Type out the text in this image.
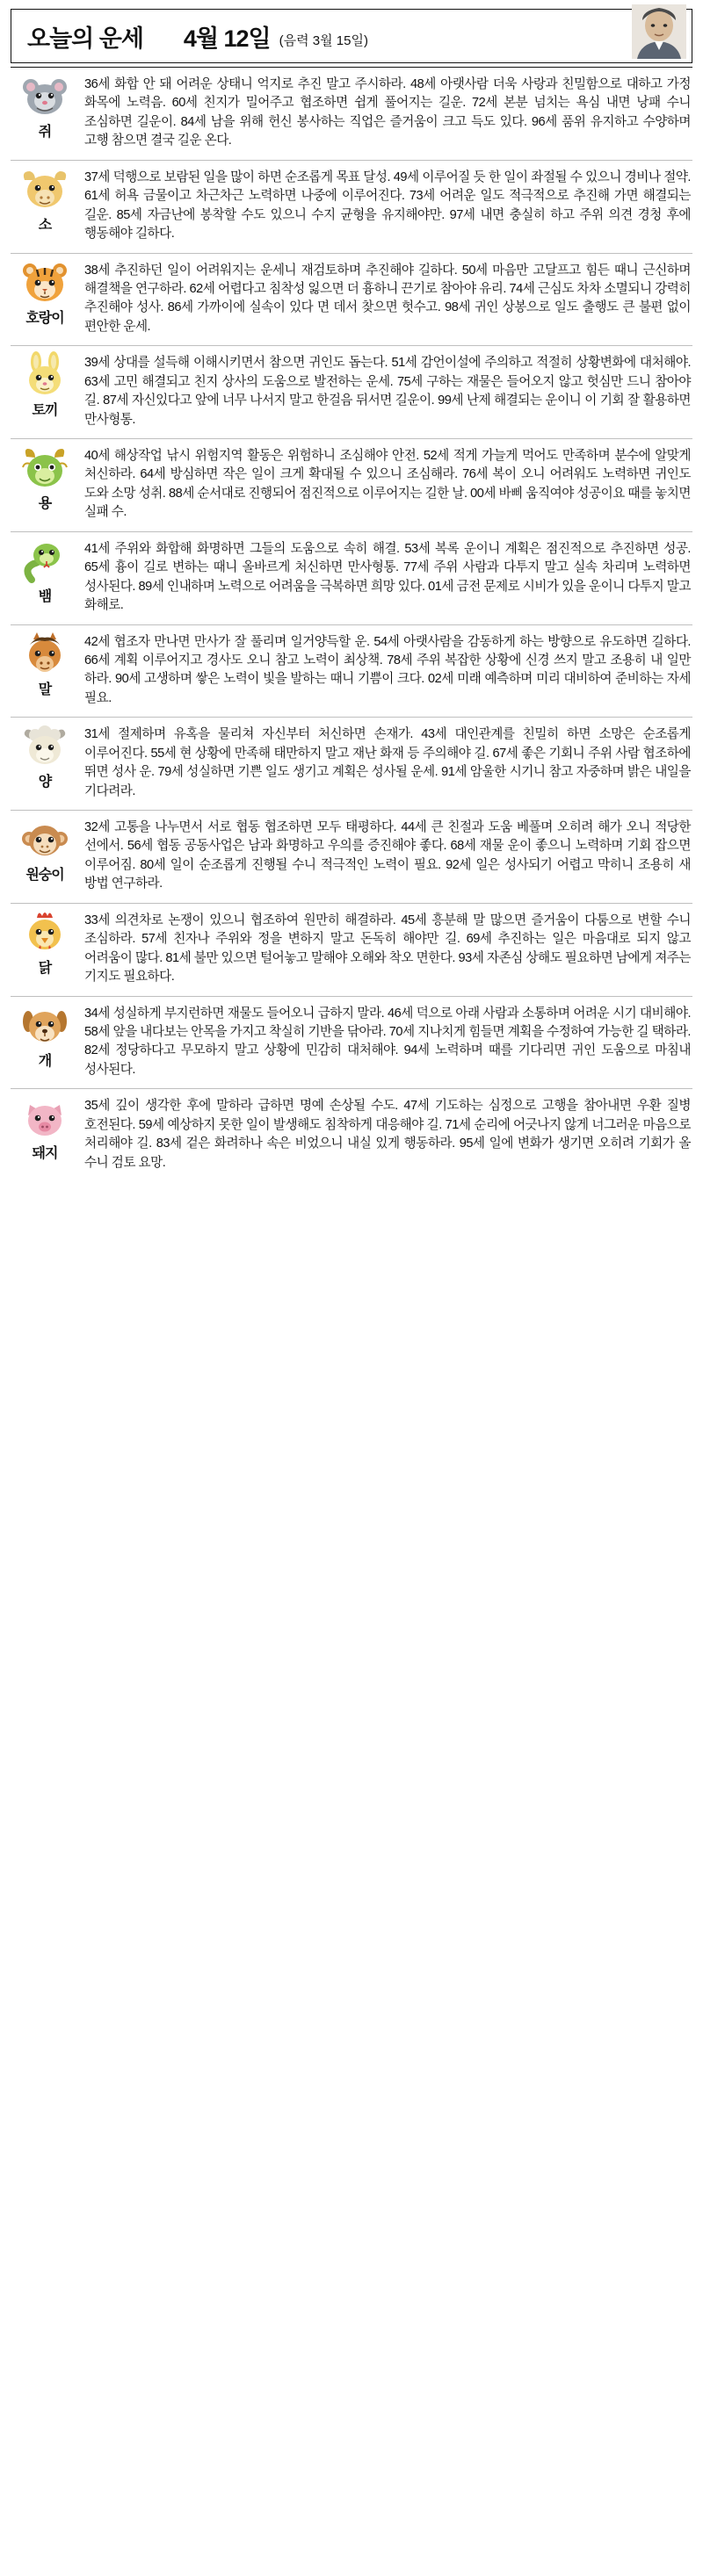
오늘의 운세	4월 12일 (음력 3월 15일)
쥐	36세 화합 안 돼 어려운 상태니 억지로 추진 말고 주시하라. 48세 아랫사람 더욱 사랑과 친밀함으로 대하고 가정 화목에 노력음. 60세 친지가 밀어주고 협조하면 쉽게 풀어지는 길운. 72세 본분 넘치는 욕심 내면 낭패 수니 조심하면 길운이. 84세 남을 위해 헌신 봉사하는 직업은 즐거움이 크고 득도 있다. 96세 품위 유지하고 수양하며 고행 참으면 결국 길운 온다.

소	37세 덕행으로 보람된 일을 많이 하면 순조롭게 목표 달성. 49세 이루어질 듯 한 일이 좌절될 수 있으니 경비나 절약. 61세 허욕 금물이고 차근차근 노력하면 나중에 이루어진다. 73세 어려운 일도 적극적으로 추진해 가면 해결되는 길운. 85세 자금난에 봉착할 수도 있으니 수지 균형을 유지해야만. 97세 내면 충실히 하고 주위 의견 경청 후에 행동해야 길하다.

호랑이	38세 추진하던 일이 어려워지는 운세니 재검토하며 추진해야 길하다. 50세 마음만 고달프고 힘든 때니 근신하며 해결책을 연구하라. 62세 어렵다고 침착성 잃으면 더 흉하니 끈기로 참아야 유리. 74세 근심도 차차 소멸되니 강력히 추진해야 성사. 86세 가까이에 실속이 있다 면 데서 찾으면 헛수고. 98세 귀인 상봉으로 일도 출행도 큰 불편 없이 편안한 운세.

토끼	39세 상대를 설득해 이해시키면서 참으면 귀인도 돕는다. 51세 감언이설에 주의하고 적절히 상황변화에 대처해야. 63세 고민 해결되고 친지 상사의 도움으로 발전하는 운세. 75세 구하는 재물은 들어오지 않고 헛심만 드니 참아야 길. 87세 자신있다고 앞에 너무 나서지 말고 한걸음 뒤서면 길운이. 99세 난제 해결되는 운이니 이 기회 잘 활용하면 만사형통.

용	40세 해상작업 낚시 위험지역 활동은 위험하니 조심해야 안전. 52세 적게 가늘게 먹어도 만족하며 분수에 알맞게 처신하라. 64세 방심하면 작은 일이 크게 확대될 수 있으니 조심해라. 76세 복이 오니 어려워도 노력하면 귀인도 도와 소망 성취. 88세 순서대로 진행되어 점진적으로 이루어지는 길한 날. 00세 바삐 움직여야 성공이요 때를 놓치면 실패 수.

뱀	41세 주위와 화합해 화명하면 그들의 도움으로 속히 해결. 53세 복록 운이니 계획은 점진적으로 추진하면 성공. 65세 흉이 길로 변하는 때니 올바르게 처신하면 만사형통. 77세 주위 사람과 다투지 말고 실속 차리며 노력하면 성사된다. 89세 인내하며 노력으로 어려움을 극복하면 희망 있다. 01세 금전 문제로 시비가 있을 운이니 다투지 말고 화해로.

말	42세 협조자 만나면 만사가 잘 풀리며 일거양득할 운. 54세 아랫사람을 감동하게 하는 방향으로 유도하면 길하다. 66세 계획 이루어지고 경사도 오니 참고 노력이 최상책. 78세 주위 복잡한 상황에 신경 쓰지 말고 조용히 내 일만 하라. 90세 고생하며 쌓은 노력이 빛을 발하는 때니 기쁨이 크다. 02세 미래 예측하며 미리 대비하여 준비하는 자세 필요.

양	31세 절제하며 유혹을 물리쳐 자신부터 처신하면 손재가. 43세 대인관계를 친밀히 하면 소망은 순조롭게 이루어진다. 55세 현 상황에 만족해 태만하지 말고 재난 화재 등 주의해야 길. 67세 좋은 기회니 주위 사람 협조하에 뛰면 성사 운. 79세 성실하면 기쁜 일도 생기고 계획은 성사될 운세. 91세 암울한 시기니 참고 자중하며 밝은 내일을 기다려라.

원숭이	32세 고통을 나누면서 서로 협동 협조하면 모두 태평하다. 44세 큰 친절과 도움 베풀며 오히려 해가 오니 적당한 선에서. 56세 협동 공동사업은 남과 화명하고 우의를 증진해야 좋다. 68세 재물 운이 좋으니 노력하며 기회 잡으면 이루어짐. 80세 일이 순조롭게 진행될 수니 적극적인 노력이 필요. 92세 일은 성사되기 어렵고 막히니 조용히 새 방법 연구하라.

닭	33세 의견차로 논쟁이 있으니 협조하여 원만히 해결하라. 45세 흥분해 말 많으면 즐거움이 다툼으로 변할 수니 조심하라. 57세 친자나 주위와 정을 변하지 말고 돈독히 해야만 길. 69세 추진하는 일은 마음대로 되지 않고 어려움이 많다. 81세 불만 있으면 털어놓고 말해야 오해와 착오 면한다. 93세 자존심 상해도 필요하면 남에게 져주는 기지도 필요하다.

개	34세 성실하게 부지런하면 재물도 들어오니 급하지 말라. 46세 덕으로 아래 사람과 소통하며 어려운 시기 대비해야. 58세 앞을 내다보는 안목을 가지고 착실히 기반을 닦아라. 70세 지나치게 힘들면 계획을 수정하여 가능한 길 택하라. 82세 정당하다고 무모하지 말고 상황에 민감히 대처해야. 94세 노력하며 때를 기다리면 귀인 도움으로 마침내 성사된다.

돼지	35세 깊이 생각한 후에 말하라 급하면 명예 손상될 수도. 47세 기도하는 심정으로 고행을 참아내면 우환 질병 호전된다. 59세 예상하지 못한 일이 발생해도 침착하게 대응해야 길. 71세 순리에 어긋나지 않게 너그러운 마음으로 처리해야 길. 83세 겉은 화려하나 속은 비었으니 내실 있게 행동하라. 95세 일에 변화가 생기면 오히려 기회가 올 수니 검토 요망.
